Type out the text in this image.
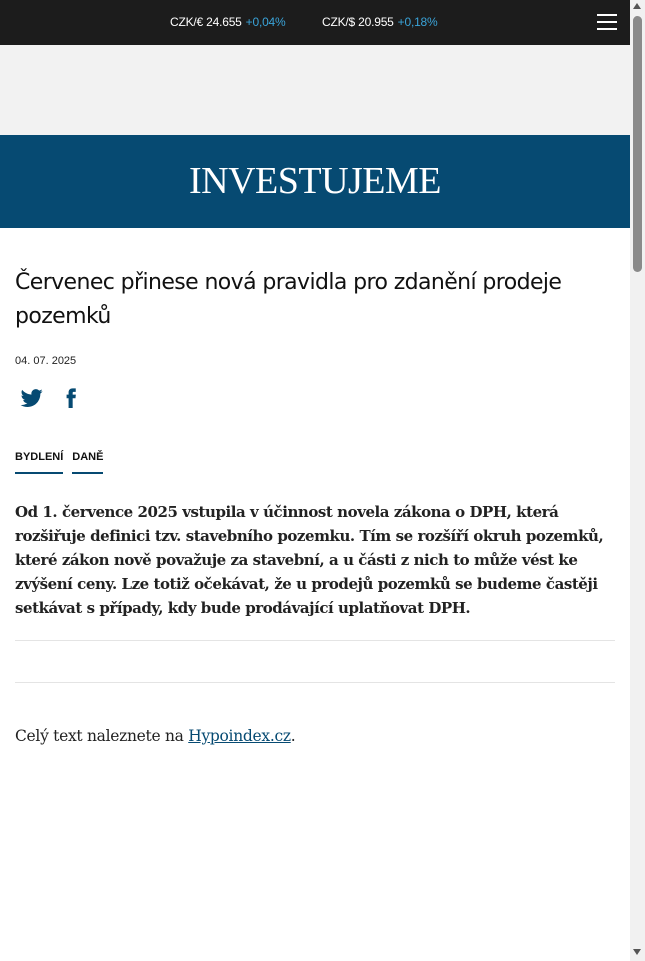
CZK/€ 24.655 +0,04%	CZK/$ 20.955 +0,18%
INVESTUJEME
Červenec přinese nová pravidla pro zdanění prodeje pozemků
04. 07. 2025
BYDLENÍ DANĚ

Od 1. července 2025 vstupila v účinnost novela zákona o DPH, která rozšiřuje definici tzv. stavebního pozemku. Tím se rozšíří okruh pozemků, které zákon nově považuje za stavební, a u části z nich to může vést ke zvýšení ceny. Lze totiž očekávat, že u prodejů pozemků se budeme častěji setkávat s případy, kdy bude prodávající uplatňovat DPH.

Celý text naleznete na Hypoindex.cz.
